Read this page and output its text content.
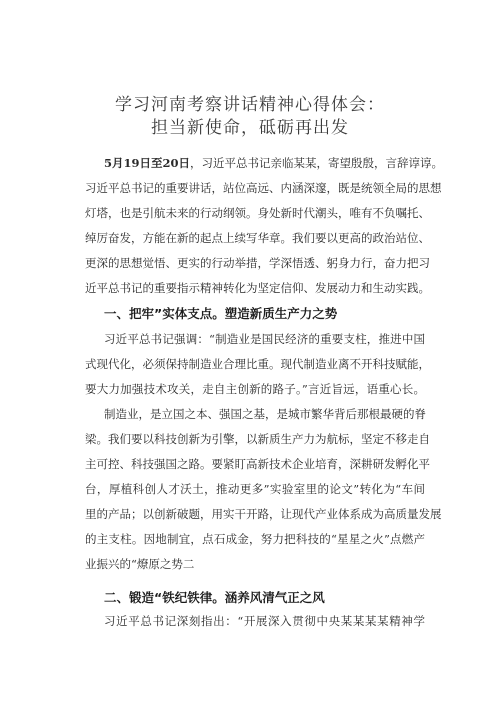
学习河南考察讲话精神心得体会：
担当新使命，砥砺再出发
5月19日至20日，习近平总书记亲临某某，寄望殷殷，言辞谆谆。
习近平总书记的重要讲话，站位高远、内涵深邃，既是统领全局的思想
灯塔，也是引航未来的行动纲领。身处新时代潮头，唯有不负嘱托、
绰厉奋发，方能在新的起点上续写华章。我们要以更高的政治站位、
更深的思想觉悟、更实的行动举措，学深悟透、躬身力行，奋力把习
近平总书记的重要指示精神转化为坚定信仰、发展动力和生动实践。
一、把牢”实体支点。塑造新质生产力之势
习近平总书记强调：“制造业是国民经济的重要支柱，推进中国
式现代化，必须保持制造业合理比重。现代制造业离不开科技赋能，
要大力加强技术攻关，走自主创新的路子。”言近旨远，语重心长。
制造业，是立国之本、强国之基，是城市繁华背后那根最硬的脊
梁。我们要以科技创新为引擎，以新质生产力为航标，坚定不移走自
主可控、科技强国之路。要紧盯高新技术企业培育，深耕研发孵化平
台，厚植科创人才沃土，推动更多”实验室里的论文”转化为“车间
里的产品；以创新破题，用实干开路，让现代产业体系成为高质量发展
的主支柱。因地制宜，点石成金，努力把科技的“星星之火”点燃产
业振兴的“燎原之势二
二、锻造“铁纪铁律。涵养风清气正之风
习近平总书记深刻指出：“开展深入贯彻中央某某某某精神学
